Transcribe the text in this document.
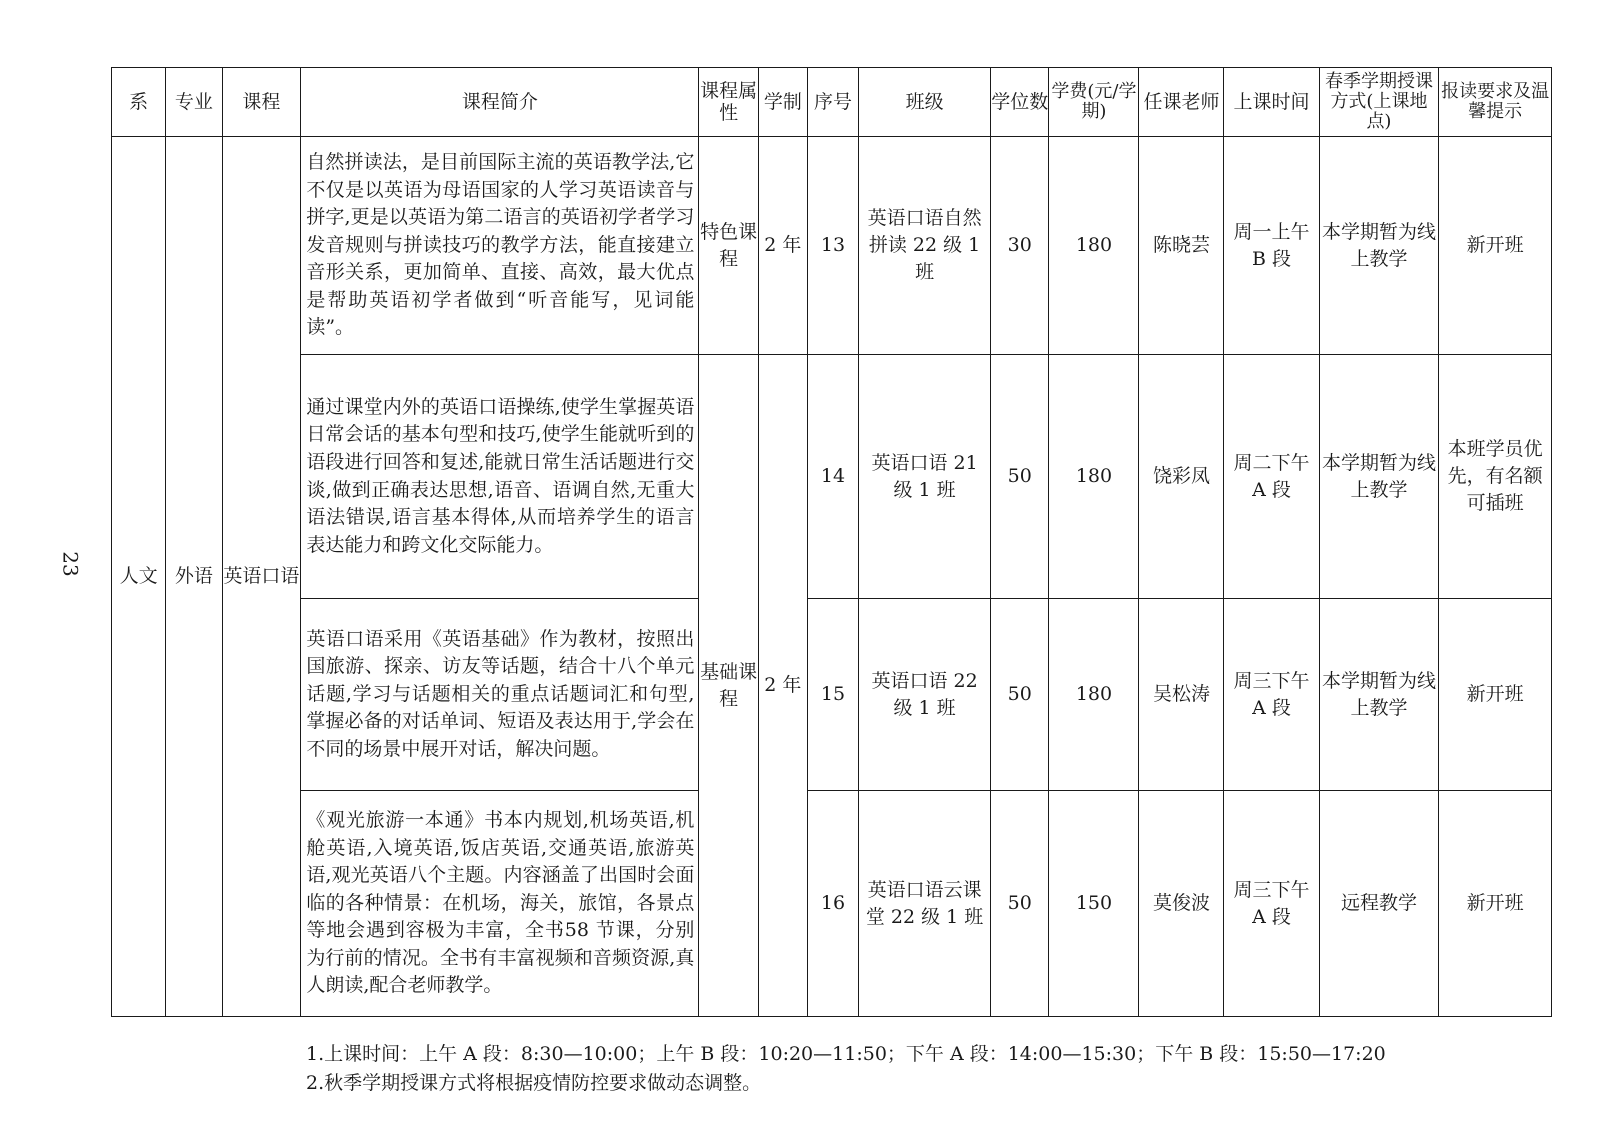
23
系	专业	课程	课程简介	课程属性	学制	序号	班级	学位数	学费(元/学期)	任课老师	上课时间	春季学期授课方式(上课地点)	报读要求及温馨提示
人文	外语	英语口语	自然拼读法，是目前国际主流的英语教学法,它不仅是以英语为母语国家的人学习英语读音与拼字,更是以英语为第二语言的英语初学者学习发音规则与拼读技巧的教学方法，能直接建立音形关系，更加简单、直接、高效，最大优点是帮助英语初学者做到“听音能写，见词能读”。	特色课程	2 年	13	英语口语自然拼读 22 级 1 班	30	180	陈晓芸	周一上午 B 段	本学期暂为线上教学	新开班
			通过课堂内外的英语口语操练,使学生掌握英语日常会话的基本句型和技巧,使学生能就听到的语段进行回答和复述,能就日常生活话题进行交谈,做到正确表达思想,语音、语调自然,无重大语法错误,语言基本得体,从而培养学生的语言表达能力和跨文化交际能力。	基础课程	2 年	14	英语口语 21 级 1 班	50	180	饶彩凤	周二下午 A 段	本学期暂为线上教学	本班学员优先，有名额可插班
			英语口语采用《英语基础》作为教材，按照出国旅游、探亲、访友等话题，结合十八个单元话题,学习与话题相关的重点话题词汇和句型,掌握必备的对话单词、短语及表达用于,学会在不同的场景中展开对话，解决问题。			15	英语口语 22 级 1 班	50	180	吴松涛	周三下午 A 段	本学期暂为线上教学	新开班
			《观光旅游一本通》书本内规划,机场英语,机舱英语,入境英语,饭店英语,交通英语,旅游英语,观光英语八个主题。内容涵盖了出国时会面临的各种情景：在机场，海关，旅馆，各景点等地会遇到容极为丰富，全书58 节课，分别为行前的情况。全书有丰富视频和音频资源,真人朗读,配合老师教学。			16	英语口语云课堂 22 级 1 班	50	150	莫俊波	周三下午 A 段	远程教学	新开班
1.上课时间：上午 A 段：8:30—10:00；上午 B 段：10:20—11:50；下午 A 段：14:00—15:30；下午 B 段：15:50—17:20
2.秋季学期授课方式将根据疫情防控要求做动态调整。
